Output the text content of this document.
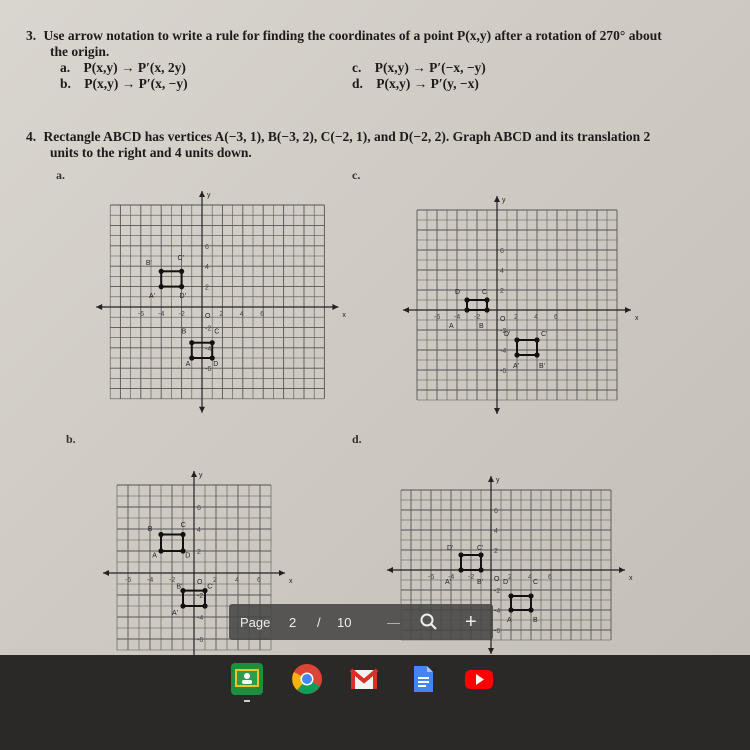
3. Use arrow notation to write a rule for finding the coordinates of a point P(x,y) after a rotation of 270° about
the origin.
a. P(x,y) → P′(x, 2y)
b. P(x,y) → P′(x, −y)
c. P(x,y) → P′(−x, −y)
d. P(x,y) → P′(y, −x)
4. Rectangle ABCD has vertices A(−3, 1), B(−3, 2), C(−2, 1), and D(−2, 2). Graph ABCD and its translation 2
units to the right and 4 units down.
a.	c.
b.	d.
x
y
-6 -4 -2	2 4 6
6
4
2
-2
-4
-6
O
B'
C'
A'	D'
B	C
A	D
x
y
-6 -4 -2	2 4 6
6
4
2
-2
-4
-6
O
D	C
A	B
D'	C'
A'	B'
x
y
-6 -4 -2	2	4	6
6
4
2
-2
-4
-6
O
B
C
A	D
B'	C'
A'
x
y
-6 -4 -2	2 4 6
6
4
2
-2
-4
-6
O
D'	C'
A'	B'	D	C
A	B
Page 2 / 10	—	+
